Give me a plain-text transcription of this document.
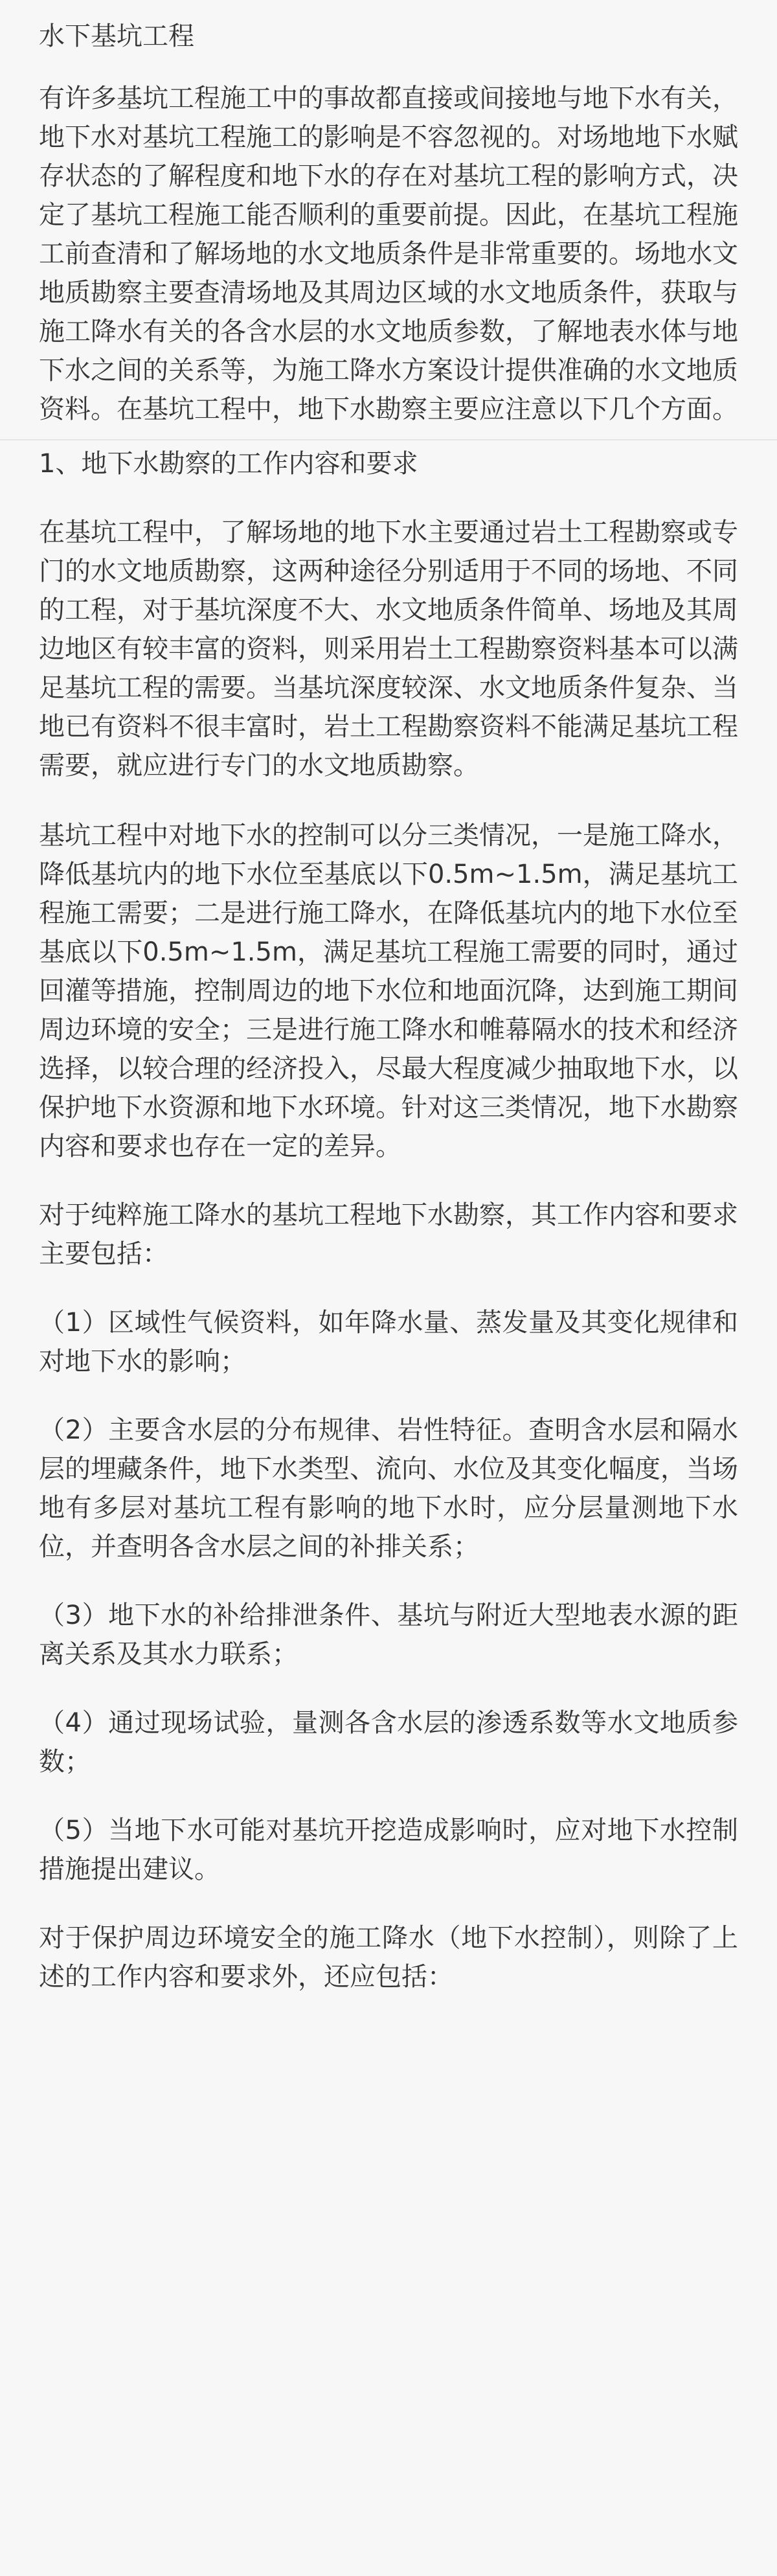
水下基坑工程

有许多基坑工程施工中的事故都直接或间接地与地下水有关，地下水对基坑工程施工的影响是不容忽视的。对场地地下水赋存状态的了解程度和地下水的存在对基坑工程的影响方式，决定了基坑工程施工能否顺利的重要前提。因此，在基坑工程施工前查清和了解场地的水文地质条件是非常重要的。场地水文地质勘察主要查清场地及其周边区域的水文地质条件，获取与施工降水有关的各含水层的水文地质参数，了解地表水体与地下水之间的关系等，为施工降水方案设计提供准确的水文地质资料。在基坑工程中，地下水勘察主要应注意以下几个方面。

1、地下水勘察的工作内容和要求

在基坑工程中，了解场地的地下水主要通过岩土工程勘察或专门的水文地质勘察，这两种途径分别适用于不同的场地、不同的工程，对于基坑深度不大、水文地质条件简单、场地及其周边地区有较丰富的资料，则采用岩土工程勘察资料基本可以满足基坑工程的需要。当基坑深度较深、水文地质条件复杂、当地已有资料不很丰富时，岩土工程勘察资料不能满足基坑工程需要，就应进行专门的水文地质勘察。

基坑工程中对地下水的控制可以分三类情况，一是施工降水，降低基坑内的地下水位至基底以下0.5m~1.5m，满足基坑工程施工需要；二是进行施工降水，在降低基坑内的地下水位至基底以下0.5m~1.5m，满足基坑工程施工需要的同时，通过回灌等措施，控制周边的地下水位和地面沉降，达到施工期间周边环境的安全；三是进行施工降水和帷幕隔水的技术和经济选择，以较合理的经济投入，尽最大程度减少抽取地下水，以保护地下水资源和地下水环境。针对这三类情况，地下水勘察内容和要求也存在一定的差异。

对于纯粹施工降水的基坑工程地下水勘察，其工作内容和要求主要包括：

（1）区域性气候资料，如年降水量、蒸发量及其变化规律和对地下水的影响；

（2）主要含水层的分布规律、岩性特征。查明含水层和隔水层的埋藏条件，地下水类型、流向、水位及其变化幅度，当场地有多层对基坑工程有影响的地下水时，应分层量测地下水位，并查明各含水层之间的补排关系；

（3）地下水的补给排泄条件、基坑与附近大型地表水源的距离关系及其水力联系；

（4）通过现场试验，量测各含水层的渗透系数等水文地质参数；

（5）当地下水可能对基坑开挖造成影响时，应对地下水控制措施提出建议。

对于保护周边环境安全的施工降水（地下水控制），则除了上述的工作内容和要求外，还应包括：
